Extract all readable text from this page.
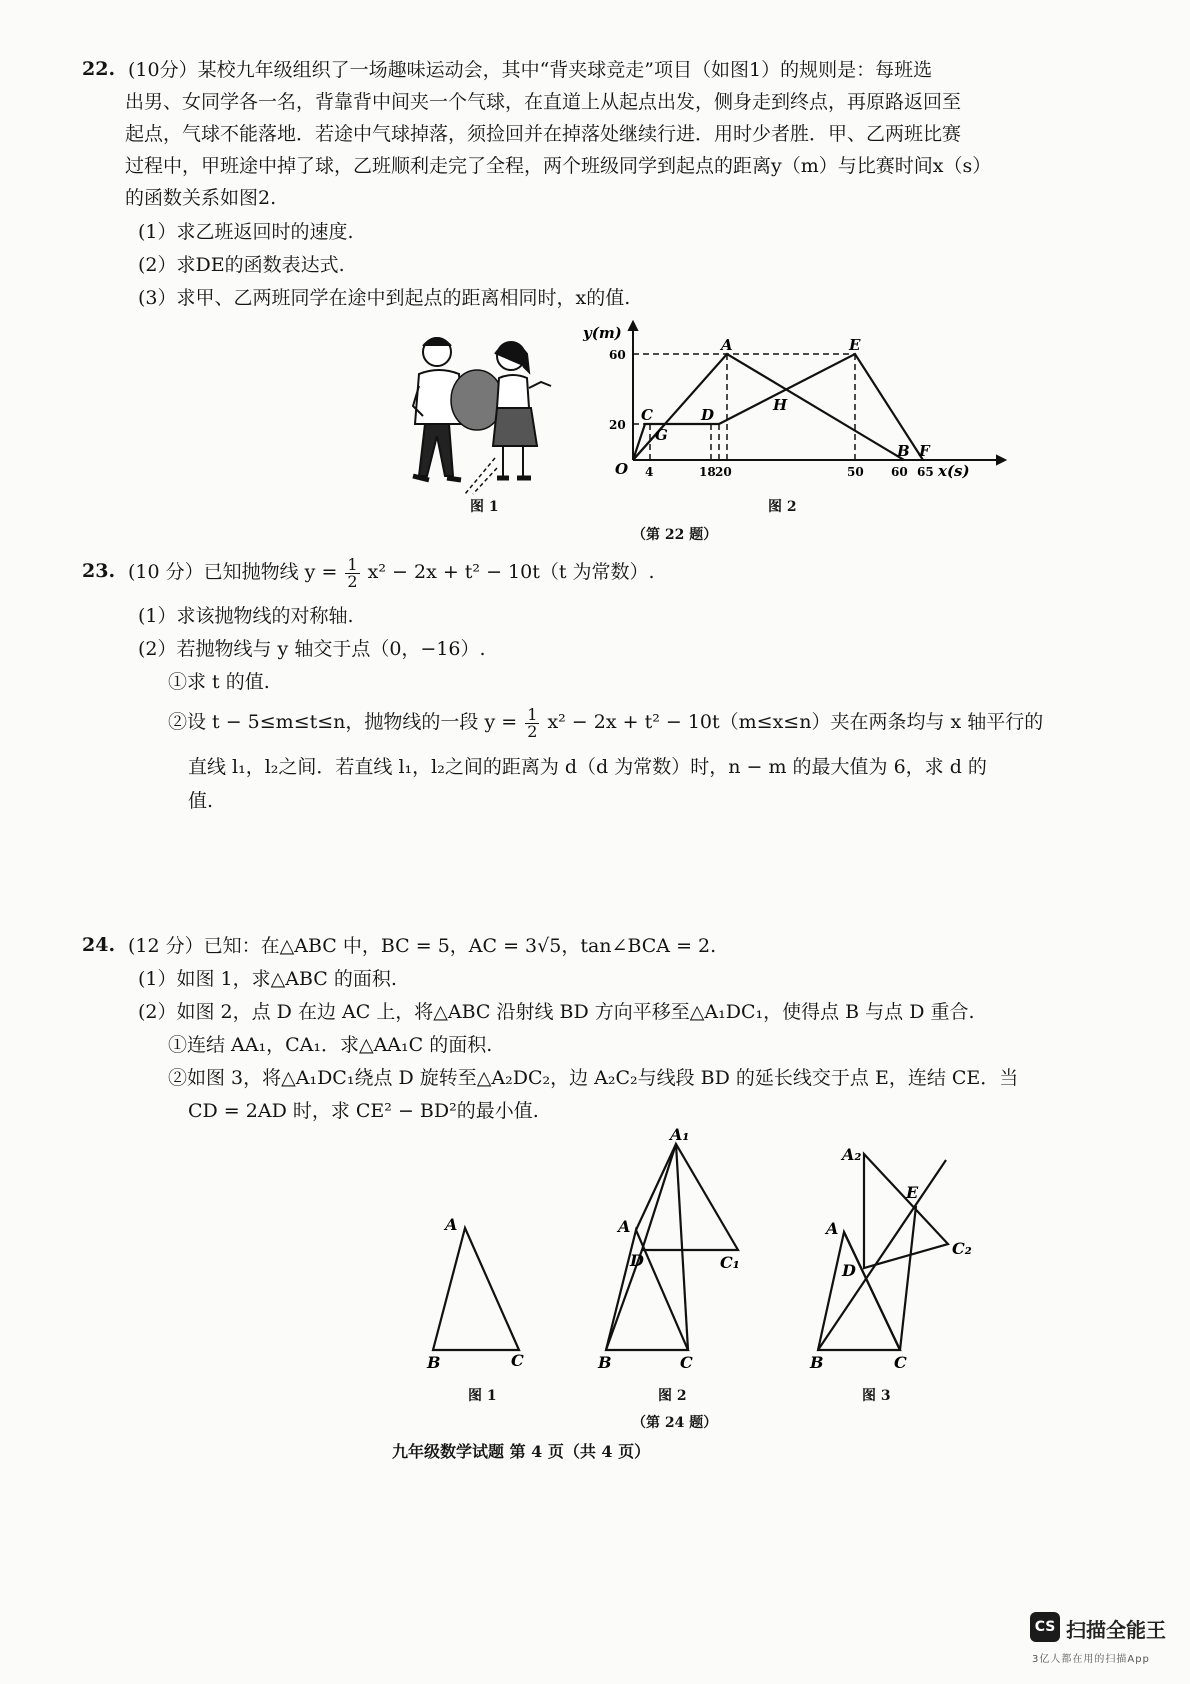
22. (10分）某校九年级组织了一场趣味运动会，其中“背夹球竞走”项目（如图1）的规则是：每班选
出男、女同学各一名，背靠背中间夹一个气球，在直道上从起点出发，侧身走到终点，再原路返回至
起点，气球不能落地．若途中气球掉落，须捡回并在掉落处继续行进．用时少者胜．甲、乙两班比赛
过程中，甲班途中掉了球，乙班顺利走完了全程，两个班级同学到起点的距离y（m）与比赛时间x（s）
的函数关系如图2.
(1）求乙班返回时的速度.
(2）求DE的函数表达式.
(3）求甲、乙两班同学在途中到起点的距离相同时，x的值.
图 1
y(m)
60
20
O 4	18 20	50 60 65 x(s)
A	E
C	D
H
G
B F
图 2
（第 22 题）
23. (10 分）已知抛物线 $y = \frac{1}{2} x^2 - 2x + t^2 - 10t(t$ 为常数）.
(1）求该抛物线的对称轴.
(2）若抛物线与 y 轴交于点（0，−16）.
①求 t 的值.
②设 t − 5≤m≤t≤n，抛物线的一段 $y = \frac{1}{2} x^2 - 2x + t^2 - 10t(m\le x\le n)$夹在两条均与 x 轴平行的
直线 l₁，l₂之间．若直线 l₁，l₂之间的距离为 d（d 为常数）时，n − m 的最大值为 6，求 d 的
值.
24. (12 分）已知：在△ABC 中，BC = 5，AC = 3√5，tan∠BCA = 2.
(1）如图 1，求△ABC 的面积.
(2）如图 2，点 D 在边 AC 上，将△ABC 沿射线 BD 方向平移至△A₁DC₁，使得点 B 与点 D 重合.
①连结 AA₁，CA₁．求△AA₁C 的面积.
②如图 3，将△A₁DC₁绕点 D 旋转至△A₂DC₂，边 A₂C₂与线段 BD 的延长线交于点 E，连结 CE．当
CD = 2AD 时，求 CE² − BD²的最小值.
A
B	C
图 1
A₁
A
D	C₁
B	C
图 2
A₂
E
A
C₂
D
B	C
图 3
（第 24 题）
九年级数学试题 第 4 页（共 4 页）
CS 扫描全能王
3亿人都在用的扫描App
